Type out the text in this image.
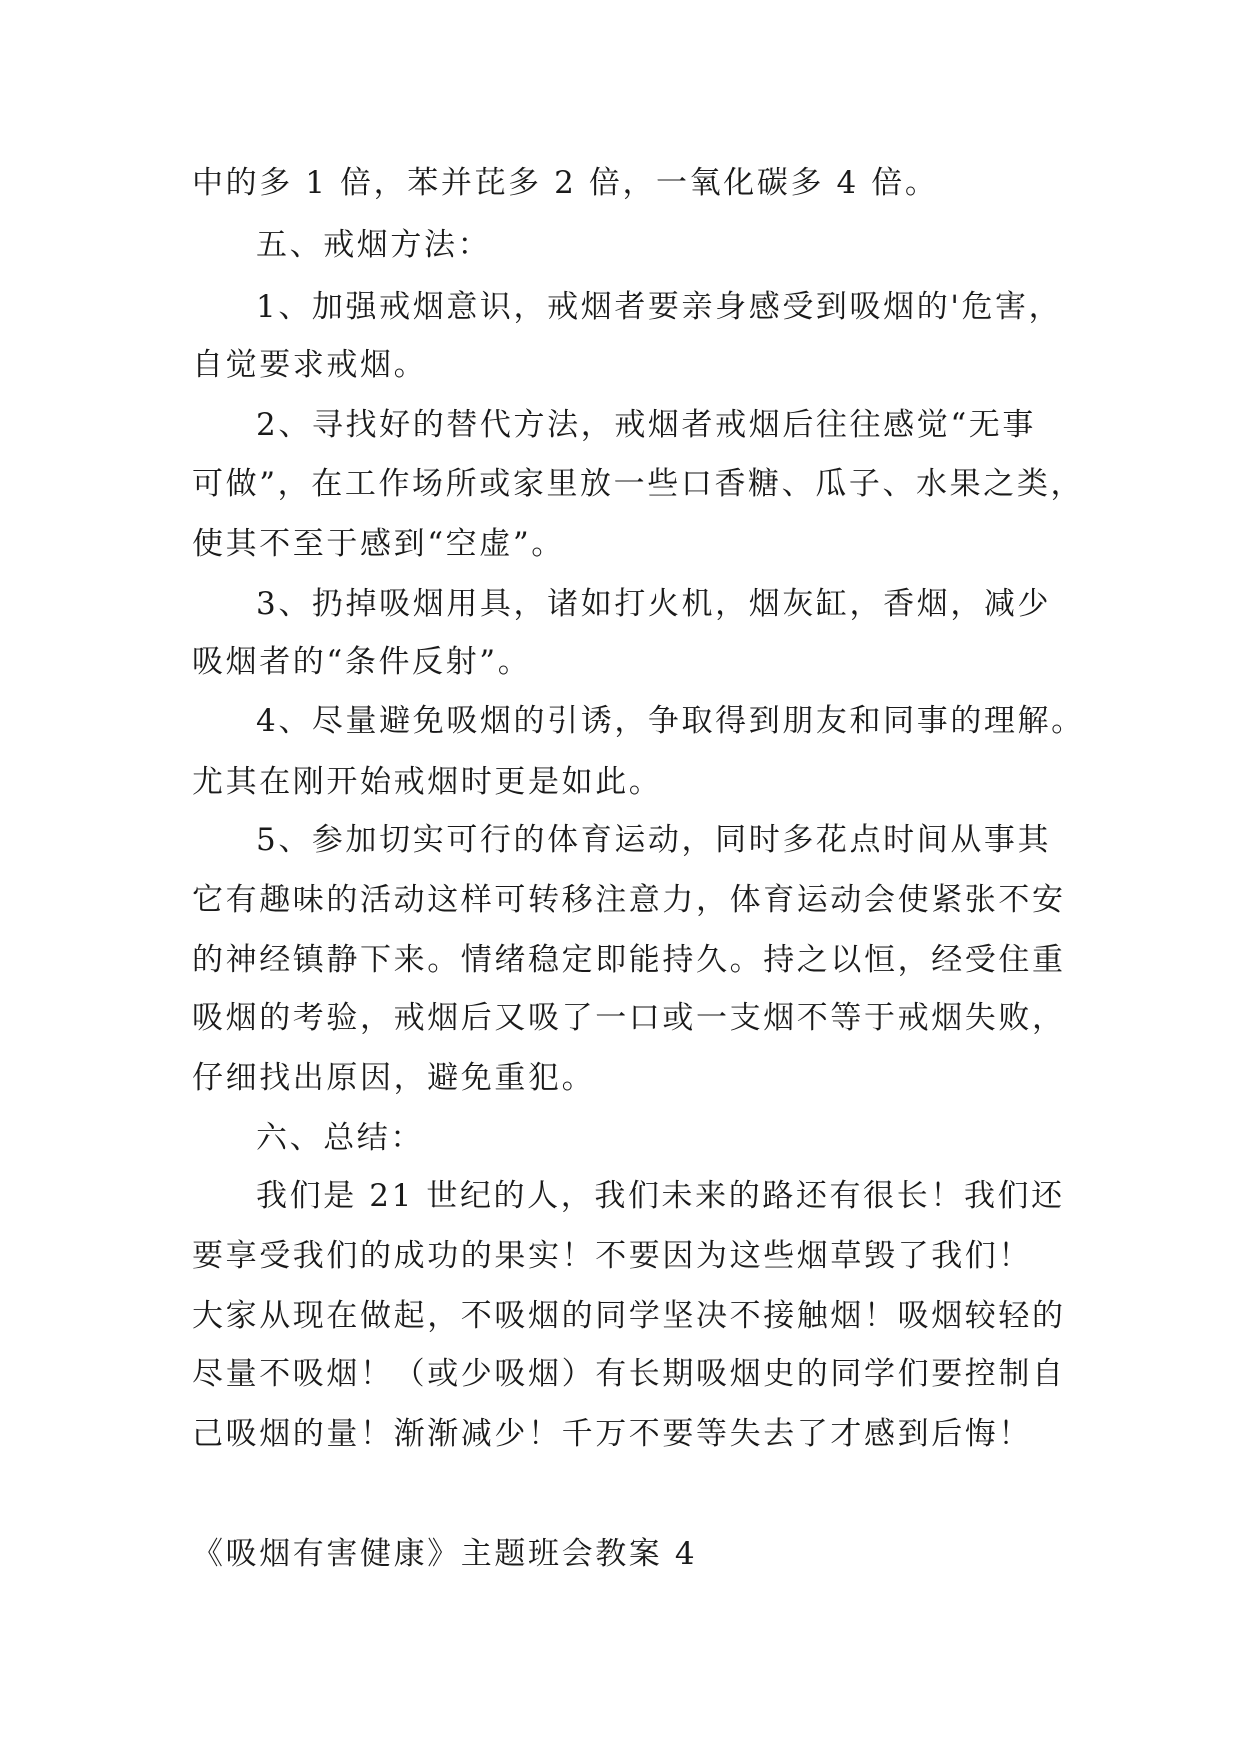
中的多 1 倍，苯并芘多 2 倍，一氧化碳多 4 倍。
五、戒烟方法：
1、加强戒烟意识，戒烟者要亲身感受到吸烟的'危害，
自觉要求戒烟。
2、寻找好的替代方法，戒烟者戒烟后往往感觉“无事
可做”，在工作场所或家里放一些口香糖、瓜子、水果之类，
使其不至于感到“空虚”。
3、扔掉吸烟用具，诸如打火机，烟灰缸，香烟，减少
吸烟者的“条件反射”。
4、尽量避免吸烟的引诱，争取得到朋友和同事的理解。
尤其在刚开始戒烟时更是如此。
5、参加切实可行的体育运动，同时多花点时间从事其
它有趣味的活动这样可转移注意力，体育运动会使紧张不安
的神经镇静下来。情绪稳定即能持久。持之以恒，经受住重
吸烟的考验，戒烟后又吸了一口或一支烟不等于戒烟失败，
仔细找出原因，避免重犯。
六、总结：
我们是 21 世纪的人，我们未来的路还有很长！我们还
要享受我们的成功的果实！不要因为这些烟草毁了我们！
大家从现在做起，不吸烟的同学坚决不接触烟！吸烟较轻的
尽量不吸烟！（或少吸烟）有长期吸烟史的同学们要控制自
己吸烟的量！渐渐减少！千万不要等失去了才感到后悔！
《吸烟有害健康》主题班会教案 4
